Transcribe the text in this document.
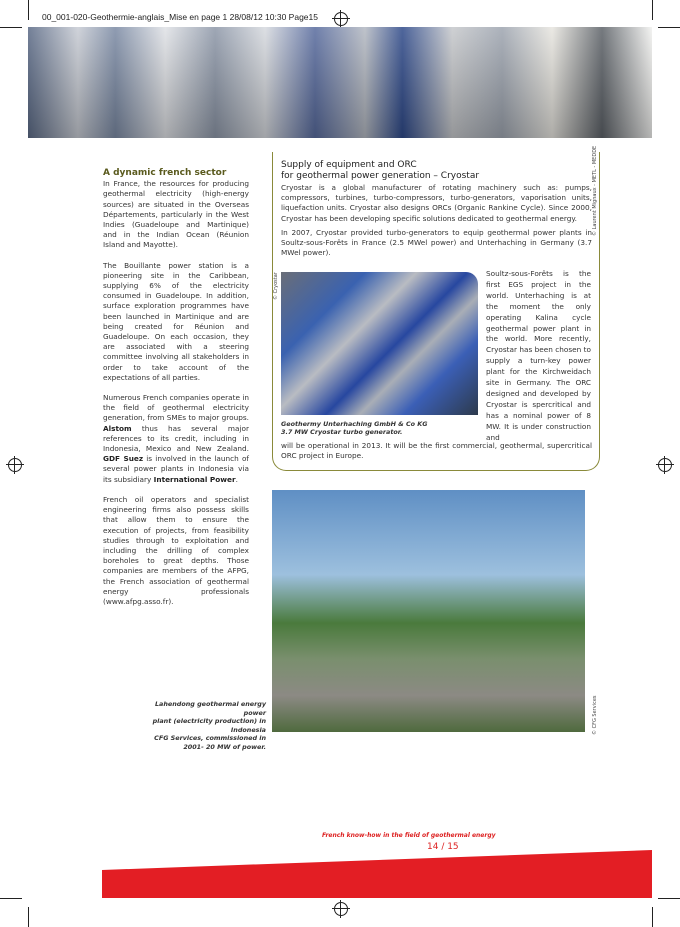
00_001-020-Geothermie-anglais_Mise en page 1 28/08/12 10:30 Page15
© Laurent Mignaux - METL - MEDDE
A dynamic french sector

In France, the resources for producing geothermal electricity (high-energy sources) are situated in the Overseas Départements, particularly in the West Indies (Guadeloupe and Martinique) and in the Indian Ocean (Réunion Island and Mayotte).

The Bouillante power station is a pioneering site in the Caribbean, supplying 6% of the electricity consumed in Guadeloupe. In addition, surface exploration programmes have been launched in Martinique and are being created for Réunion and Guadeloupe. On each occasion, they are associated with a steering committee involving all stakeholders in order to take account of the expectations of all parties.

Numerous French companies operate in the field of geothermal electricity generation, from SMEs to major groups. Alstom thus has several major references to its credit, including in Indonesia, Mexico and New Zealand. GDF Suez is involved in the launch of several power plants in Indonesia via its subsidiary International Power.

French oil operators and specialist engineering firms also possess skills that allow them to ensure the execution of projects, from feasibility studies through to exploitation and including the drilling of complex boreholes to great depths. Those companies are members of the AFPG, the French association of geothermal energy professionals (www.afpg.asso.fr).

Supply of equipment and ORC
for geothermal power generation – Cryostar

Cryostar is a global manufacturer of rotating machinery such as: pumps, compressors, turbines, turbo-compressors, turbo-generators, vaporisation units, liquefaction units. Cryostar also designs ORCs (Organic Rankine Cycle). Since 2000, Cryostar has been developing specific solutions dedicated to geothermal energy.

In 2007, Cryostar provided turbo-generators to equip geothermal power plants in Soultz-sous-Forêts in France (2.5 MWel power) and Unterhaching in Germany (3.7 MWel power).

© Cryostar
Geothermy Unterhaching GmbH & Co KG
3.7 MW Cryostar turbo generator.
Soultz-sous-Forêts is the first EGS project in the world. Unterhaching is at the moment the only operating Kalina cycle geothermal power plant in the world. More recently, Cryostar has been chosen to supply a turn-key power plant for the Kirchweidach site in Germany. The ORC designed and developed by Cryostar is spercritical and has a nominal power of 8 MW. It is under construction and
will be operational in 2013. It will be the first commercial, geothermal, supercritical ORC project in Europe.
© CFG Services
Lahendong geothermal energy power
plant (electricity production) in Indonesia
CFG Services, commissioned in
2001- 20 MW of power.
French know-how in the field of geothermal energy
14 / 15
